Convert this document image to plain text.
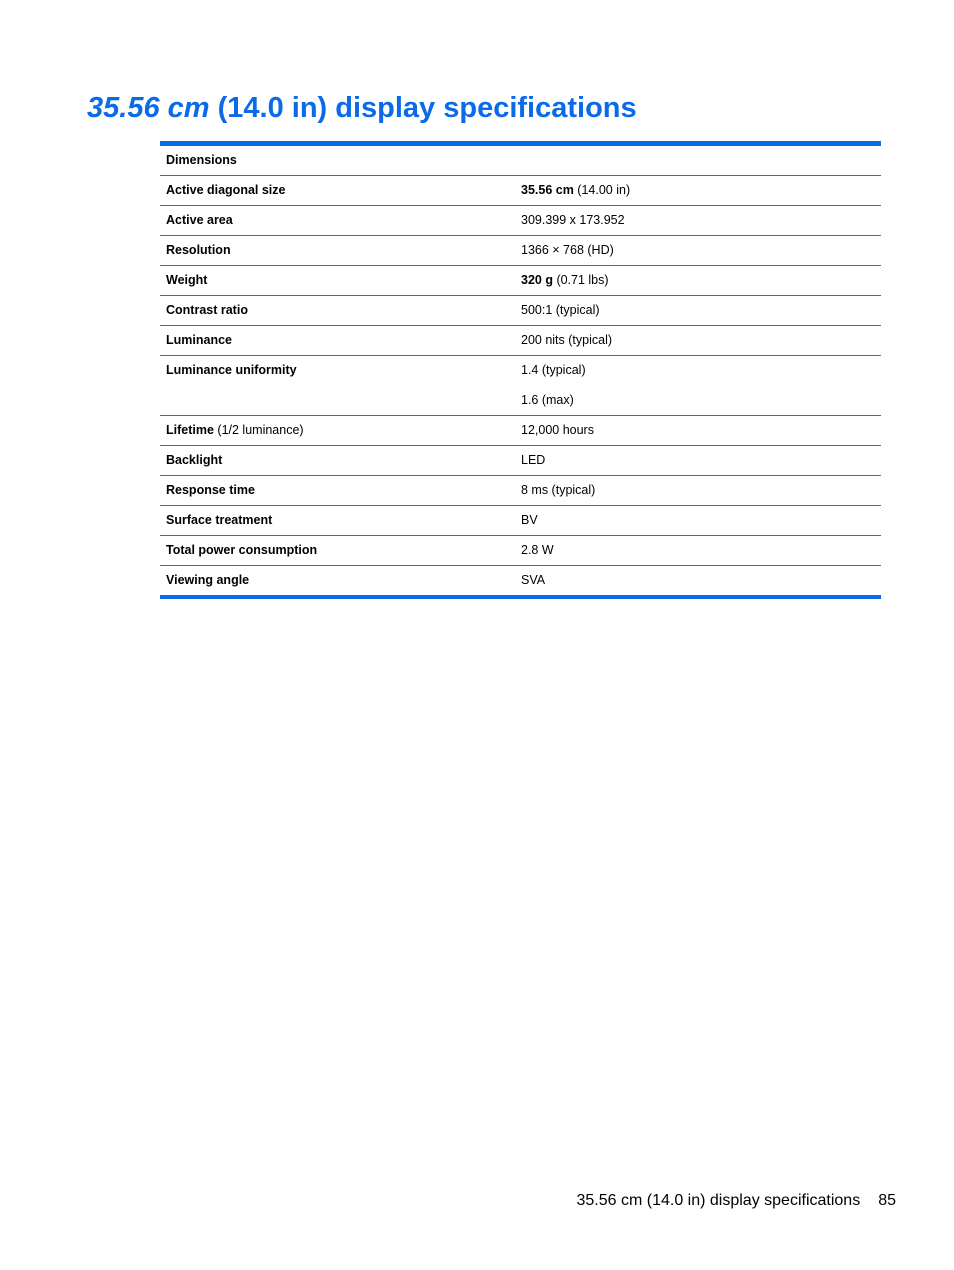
35.56 cm (14.0 in) display specifications
Dimensions
Active diagonal size	35.56 cm (14.00 in)
Active area	309.399 x 173.952
Resolution	1366 × 768 (HD)
Weight	320 g (0.71 lbs)
Contrast ratio	500:1 (typical)
Luminance	200 nits (typical)
Luminance uniformity	1.4 (typical)
1.6 (max)
Lifetime (1/2 luminance)	12,000 hours
Backlight	LED
Response time	8 ms (typical)
Surface treatment	BV
Total power consumption	2.8 W
Viewing angle	SVA
35.56 cm (14.0 in) display specifications 85
